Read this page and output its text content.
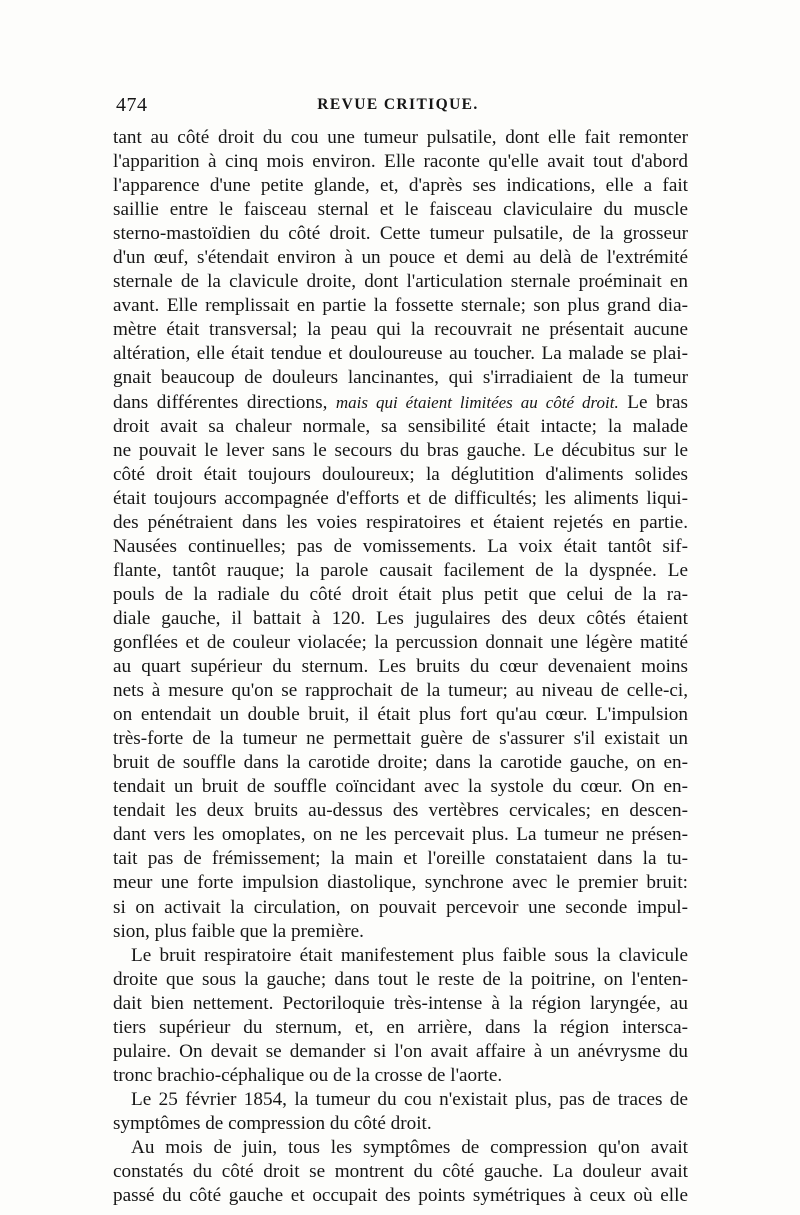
474	REVUE CRITIQUE.
tant au côté droit du cou une tumeur pulsatile, dont elle fait remonter
l'apparition à cinq mois environ. Elle raconte qu'elle avait tout d'abord
l'apparence d'une petite glande, et, d'après ses indications, elle a fait
saillie entre le faisceau sternal et le faisceau claviculaire du muscle
sterno-mastoïdien du côté droit. Cette tumeur pulsatile, de la grosseur
d'un œuf, s'étendait environ à un pouce et demi au delà de l'extrémité
sternale de la clavicule droite, dont l'articulation sternale proéminait en
avant. Elle remplissait en partie la fossette sternale; son plus grand dia-
mètre était transversal; la peau qui la recouvrait ne présentait aucune
altération, elle était tendue et douloureuse au toucher. La malade se plai-
gnait beaucoup de douleurs lancinantes, qui s'irradiaient de la tumeur
dans différentes directions, mais qui étaient limitées au côté droit. Le bras
droit avait sa chaleur normale, sa sensibilité était intacte; la malade
ne pouvait le lever sans le secours du bras gauche. Le décubitus sur le
côté droit était toujours douloureux; la déglutition d'aliments solides
était toujours accompagnée d'efforts et de difficultés; les aliments liqui-
des pénétraient dans les voies respiratoires et étaient rejetés en partie.
Nausées continuelles; pas de vomissements. La voix était tantôt sif-
flante, tantôt rauque; la parole causait facilement de la dyspnée. Le
pouls de la radiale du côté droit était plus petit que celui de la ra-
diale gauche, il battait à 120. Les jugulaires des deux côtés étaient
gonflées et de couleur violacée; la percussion donnait une légère matité
au quart supérieur du sternum. Les bruits du cœur devenaient moins
nets à mesure qu'on se rapprochait de la tumeur; au niveau de celle-ci,
on entendait un double bruit, il était plus fort qu'au cœur. L'impulsion
très-forte de la tumeur ne permettait guère de s'assurer s'il existait un
bruit de souffle dans la carotide droite; dans la carotide gauche, on en-
tendait un bruit de souffle coïncidant avec la systole du cœur. On en-
tendait les deux bruits au-dessus des vertèbres cervicales; en descen-
dant vers les omoplates, on ne les percevait plus. La tumeur ne présen-
tait pas de frémissement; la main et l'oreille constataient dans la tu-
meur une forte impulsion diastolique, synchrone avec le premier bruit:
si on activait la circulation, on pouvait percevoir une seconde impul-
sion, plus faible que la première.
Le bruit respiratoire était manifestement plus faible sous la clavicule
droite que sous la gauche; dans tout le reste de la poitrine, on l'enten-
dait bien nettement. Pectoriloquie très-intense à la région laryngée, au
tiers supérieur du sternum, et, en arrière, dans la région intersca-
pulaire. On devait se demander si l'on avait affaire à un anévrysme du
tronc brachio-céphalique ou de la crosse de l'aorte.
Le 25 février 1854, la tumeur du cou n'existait plus, pas de traces de
symptômes de compression du côté droit.
Au mois de juin, tous les symptômes de compression qu'on avait
constatés du côté droit se montrent du côté gauche. La douleur avait
passé du côté gauche et occupait des points symétriques à ceux où elle
